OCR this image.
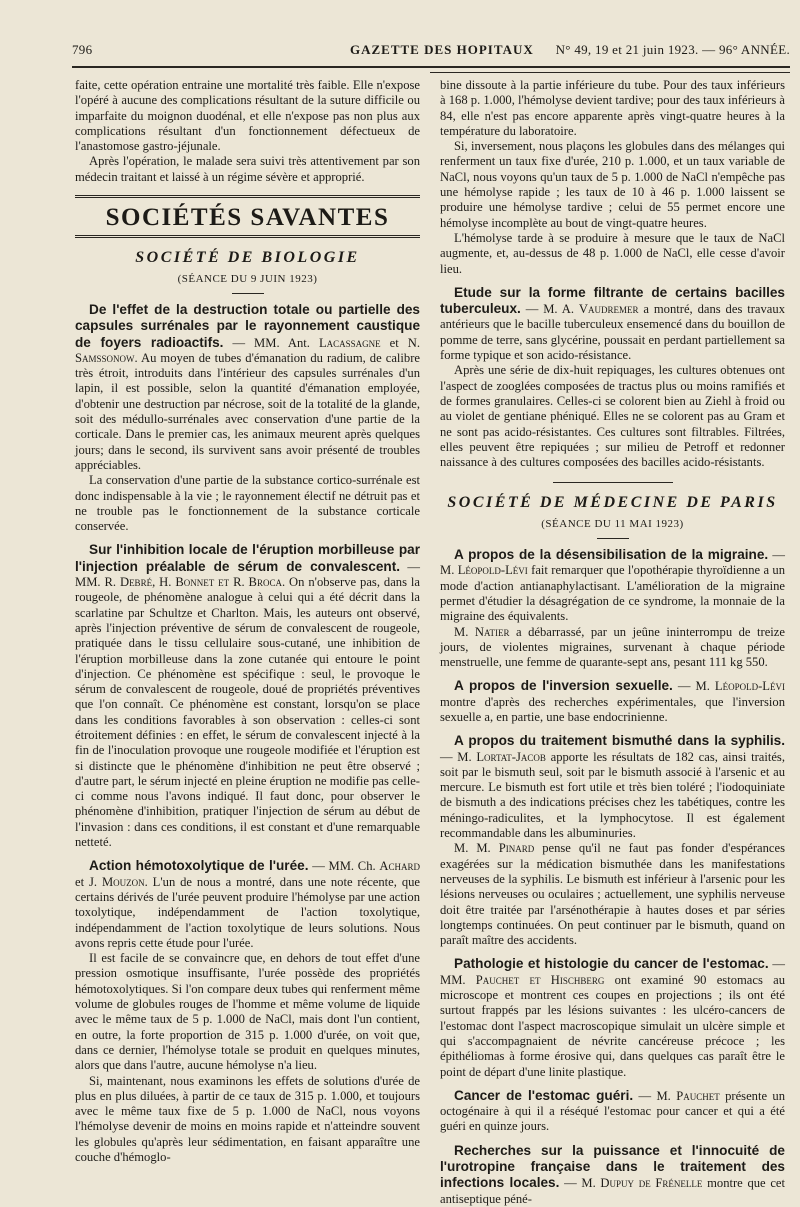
796	GAZETTE DES HOPITAUX N° 49, 19 et 21 juin 1923. — 96° ANNÉE.

faite, cette opération entraine une mortalité très faible. Elle n'expose l'opéré à aucune des complications résultant de la suture difficile ou imparfaite du moignon duodénal, et elle n'expose pas non plus aux complications résultant d'un fonctionnement défectueux de l'anastomose gastro-jéjunale.

Après l'opération, le malade sera suivi très attentivement par son médecin traitant et laissé à un régime sévère et approprié.

SOCIÉTÉS SAVANTES
SOCIÉTÉ DE BIOLOGIE
(SÉANCE DU 9 JUIN 1923)

De l'effet de la destruction totale ou partielle des capsules surrénales par le rayonnement caustique de foyers radioactifs. — MM. Ant. Lacassagne et N. Samssonow. Au moyen de tubes d'émanation du radium, de calibre très étroit, introduits dans l'intérieur des capsules surrénales d'un lapin, il est possible, selon la quantité d'émanation employée, d'obtenir une destruction par nécrose, soit de la totalité de la glande, soit des médullo-surrénales avec conservation d'une partie de la corticale. Dans le premier cas, les animaux meurent après quelques jours; dans le second, ils survivent sans avoir présenté de troubles appréciables.

La conservation d'une partie de la substance cortico-surrénale est donc indispensable à la vie ; le rayonnement électif ne détruit pas et ne trouble pas le fonctionnement de la substance corticale conservée.

Sur l'inhibition locale de l'éruption morbilleuse par l'injection préalable de sérum de convalescent. — MM. R. Debré, H. Bonnet et R. Broca. On n'observe pas, dans la rougeole, de phénomène analogue à celui qui a été décrit dans la scarlatine par Schultze et Charlton. Mais, les auteurs ont observé, après l'injection préventive de sérum de convalescent de rougeole, pratiquée dans le tissu cellulaire sous-cutané, une inhibition de l'éruption morbilleuse dans la zone cutanée qui entoure le point d'injection. Ce phénomène est spécifique : seul, le provoque le sérum de convalescent de rougeole, doué de propriétés préventives que l'on connaît. Ce phénomène est constant, lorsqu'on se place dans les conditions favorables à son observation : celles-ci sont étroitement définies : en effet, le sérum de convalescent injecté à la fin de l'inoculation provoque une rougeole modifiée et l'éruption est si distincte que le phénomène d'inhibition ne peut être observé ; d'autre part, le sérum injecté en pleine éruption ne modifie pas celle-ci comme nous l'avons indiqué. Il faut donc, pour observer le phénomène d'inhibition, pratiquer l'injection de sérum au début de l'invasion : dans ces conditions, il est constant et d'une remarquable netteté.

Action hémotoxolytique de l'urée. — MM. Ch. Achard et J. Mouzon. L'un de nous a montré, dans une note récente, que certains dérivés de l'urée peuvent produire l'hémolyse par une action toxolytique, indépendamment de l'action toxolytique, indépendamment de l'action toxolytique de leurs solutions. Nous avons repris cette étude pour l'urée.

Il est facile de se convaincre que, en dehors de tout effet d'une pression osmotique insuffisante, l'urée possède des propriétés hémotoxolytiques. Si l'on compare deux tubes qui renferment même volume de globules rouges de l'homme et même volume de liquide avec le même taux de 5 p. 1.000 de NaCl, mais dont l'un contient, en outre, la forte proportion de 315 p. 1.000 d'urée, on voit que, dans ce dernier, l'hémolyse totale se produit en quelques minutes, alors que dans l'autre, aucune hémolyse n'a lieu.

Si, maintenant, nous examinons les effets de solutions d'urée de plus en plus diluées, à partir de ce taux de 315 p. 1.000, et toujours avec le même taux fixe de 5 p. 1.000 de NaCl, nous voyons l'hémolyse devenir de moins en moins rapide et n'atteindre souvent les globules qu'après leur sédimentation, en faisant apparaître une couche d'hémoglo-

bine dissoute à la partie inférieure du tube. Pour des taux inférieurs à 168 p. 1.000, l'hémolyse devient tardive; pour des taux inférieurs à 84, elle n'est pas encore apparente après vingt-quatre heures à la température du laboratoire.

Si, inversement, nous plaçons les globules dans des mélanges qui renferment un taux fixe d'urée, 210 p. 1.000, et un taux variable de NaCl, nous voyons qu'un taux de 5 p. 1.000 de NaCl n'empêche pas une hémolyse rapide ; les taux de 10 à 46 p. 1.000 laissent se produire une hémolyse tardive ; celui de 55 permet encore une hémolyse incomplète au bout de vingt-quatre heures.

L'hémolyse tarde à se produire à mesure que le taux de NaCl augmente, et, au-dessus de 48 p. 1.000 de NaCl, elle cesse d'avoir lieu.

Etude sur la forme filtrante de certains bacilles tuberculeux. — M. A. Vaudremer a montré, dans des travaux antérieurs que le bacille tuberculeux ensemencé dans du bouillon de pomme de terre, sans glycérine, poussait en perdant partiellement sa forme typique et son acido-résistance.

Après une série de dix-huit repiquages, les cultures obtenues ont l'aspect de zooglées composées de tractus plus ou moins ramifiés et de formes granulaires. Celles-ci se colorent bien au Ziehl à froid ou au violet de gentiane phéniqué. Elles ne se colorent pas au Gram et ne sont pas acido-résistantes. Ces cultures sont filtrables. Filtrées, elles peuvent être repiquées ; sur milieu de Petroff et redonner naissance à des cultures composées des bacilles acido-résistants.

SOCIÉTÉ DE MÉDECINE DE PARIS
(SÉANCE DU 11 MAI 1923)

A propos de la désensibilisation de la migraine. — M. Léopold-Lévi fait remarquer que l'opothérapie thyroïdienne a un mode d'action antianaphylactisant. L'amélioration de la migraine permet d'étudier la désagrégation de ce syndrome, la monnaie de la migraine des équivalents.

M. Natier a débarrassé, par un jeûne ininterrompu de treize jours, de violentes migraines, survenant à chaque période menstruelle, une femme de quarante-sept ans, pesant 111 kg 550.

A propos de l'inversion sexuelle. — M. Léopold-Lévi montre d'après des recherches expérimentales, que l'inversion sexuelle a, en partie, une base endocrinienne.

A propos du traitement bismuthé dans la syphilis. — M. Lortat-Jacob apporte les résultats de 182 cas, ainsi traités, soit par le bismuth seul, soit par le bismuth associé à l'arsenic et au mercure. Le bismuth est fort utile et très bien toléré ; l'iodoquiniate de bismuth a des indications précises chez les tabétiques, contre les méningo-radiculites, et la lymphocytose. Il est également recommandable dans les albuminuries.

M. M. Pinard pense qu'il ne faut pas fonder d'espérances exagérées sur la médication bismuthée dans les manifestations nerveuses de la syphilis. Le bismuth est inférieur à l'arsenic pour les lésions nerveuses ou oculaires ; actuellement, une syphilis nerveuse doit être traitée par l'arsénothérapie à hautes doses et par séries longtemps continuées. On peut continuer par le bismuth, quand on paraît maître des accidents.

Pathologie et histologie du cancer de l'estomac. — MM. Pauchet et Hischberg ont examiné 90 estomacs au microscope et montrent ces coupes en projections ; ils ont été surtout frappés par les lésions suivantes : les ulcéro-cancers de l'estomac dont l'aspect macroscopique simulait un ulcère simple et qui s'accompagnaient de névrite cancéreuse précoce ; les épithéliomas à forme érosive qui, dans quelques cas paraît être le point de départ d'une linite plastique.

Cancer de l'estomac guéri. — M. Pauchet présente un octogénaire à qui il a réséqué l'estomac pour cancer et qui a été guéri en quinze jours.

Recherches sur la puissance et l'innocuité de l'urotropine française dans le traitement des infections locales. — M. Dupuy de Frénelle montre que cet antiseptique péné-
